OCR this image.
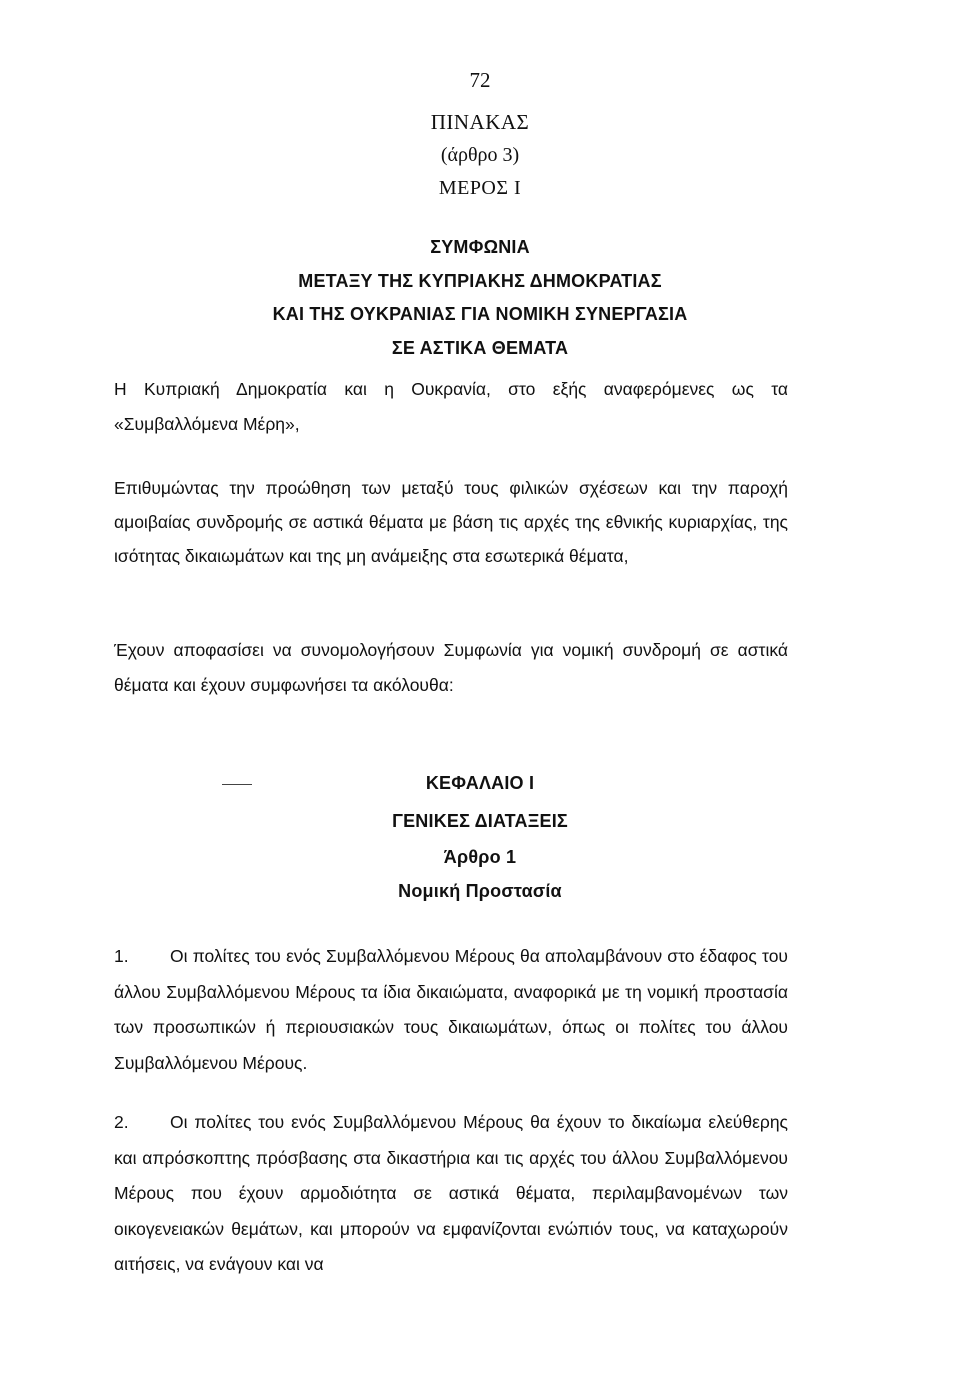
72
ΠΙΝΑΚΑΣ
(άρθρο 3)
ΜΕΡΟΣ Ι
ΣΥΜΦΩΝΙΑ
ΜΕΤΑΞΥ ΤΗΣ ΚΥΠΡΙΑΚΗΣ ΔΗΜΟΚΡΑΤΙΑΣ
ΚΑΙ ΤΗΣ ΟΥΚΡΑΝΙΑΣ ΓΙΑ ΝΟΜΙΚΗ ΣΥΝΕΡΓΑΣΙΑ
ΣΕ ΑΣΤΙΚΑ ΘΕΜΑΤΑ

Η Κυπριακή Δημοκρατία και η Ουκρανία, στο εξής αναφερόμενες ως τα «Συμβαλλόμενα Μέρη»,

Επιθυμώντας την προώθηση των μεταξύ τους φιλικών σχέσεων και την παροχή αμοιβαίας συνδρομής σε αστικά θέματα με βάση τις αρχές της εθνικής κυριαρχίας, της ισότητας δικαιωμάτων και της μη ανάμειξης στα εσωτερικά θέματα,

Έχουν αποφασίσει να συνομολογήσουν Συμφωνία για νομική συνδρομή σε αστικά θέματα και έχουν συμφωνήσει τα ακόλουθα:

ΚΕΦΑΛΑΙΟ Ι
ΓΕΝΙΚΕΣ ΔΙΑΤΑΞΕΙΣ
Άρθρο 1
Νομική Προστασία

1. Οι πολίτες του ενός Συμβαλλόμενου Μέρους θα απολαμβάνουν στο έδαφος του άλλου Συμβαλλόμενου Μέρους τα ίδια δικαιώματα, αναφορικά με τη νομική προστασία των προσωπικών ή περιουσιακών τους δικαιωμάτων, όπως οι πολίτες του άλλου Συμβαλλόμενου Μέρους.

2. Οι πολίτες του ενός Συμβαλλόμενου Μέρους θα έχουν το δικαίωμα ελεύθερης και απρόσκοπτης πρόσβασης στα δικαστήρια και τις αρχές του άλλου Συμβαλλόμενου Μέρους που έχουν αρμοδιότητα σε αστικά θέματα, περιλαμβανομένων των οικογενειακών θεμάτων, και μπορούν να εμφανίζονται ενώπιόν τους, να καταχωρούν αιτήσεις, να ενάγουν και να
